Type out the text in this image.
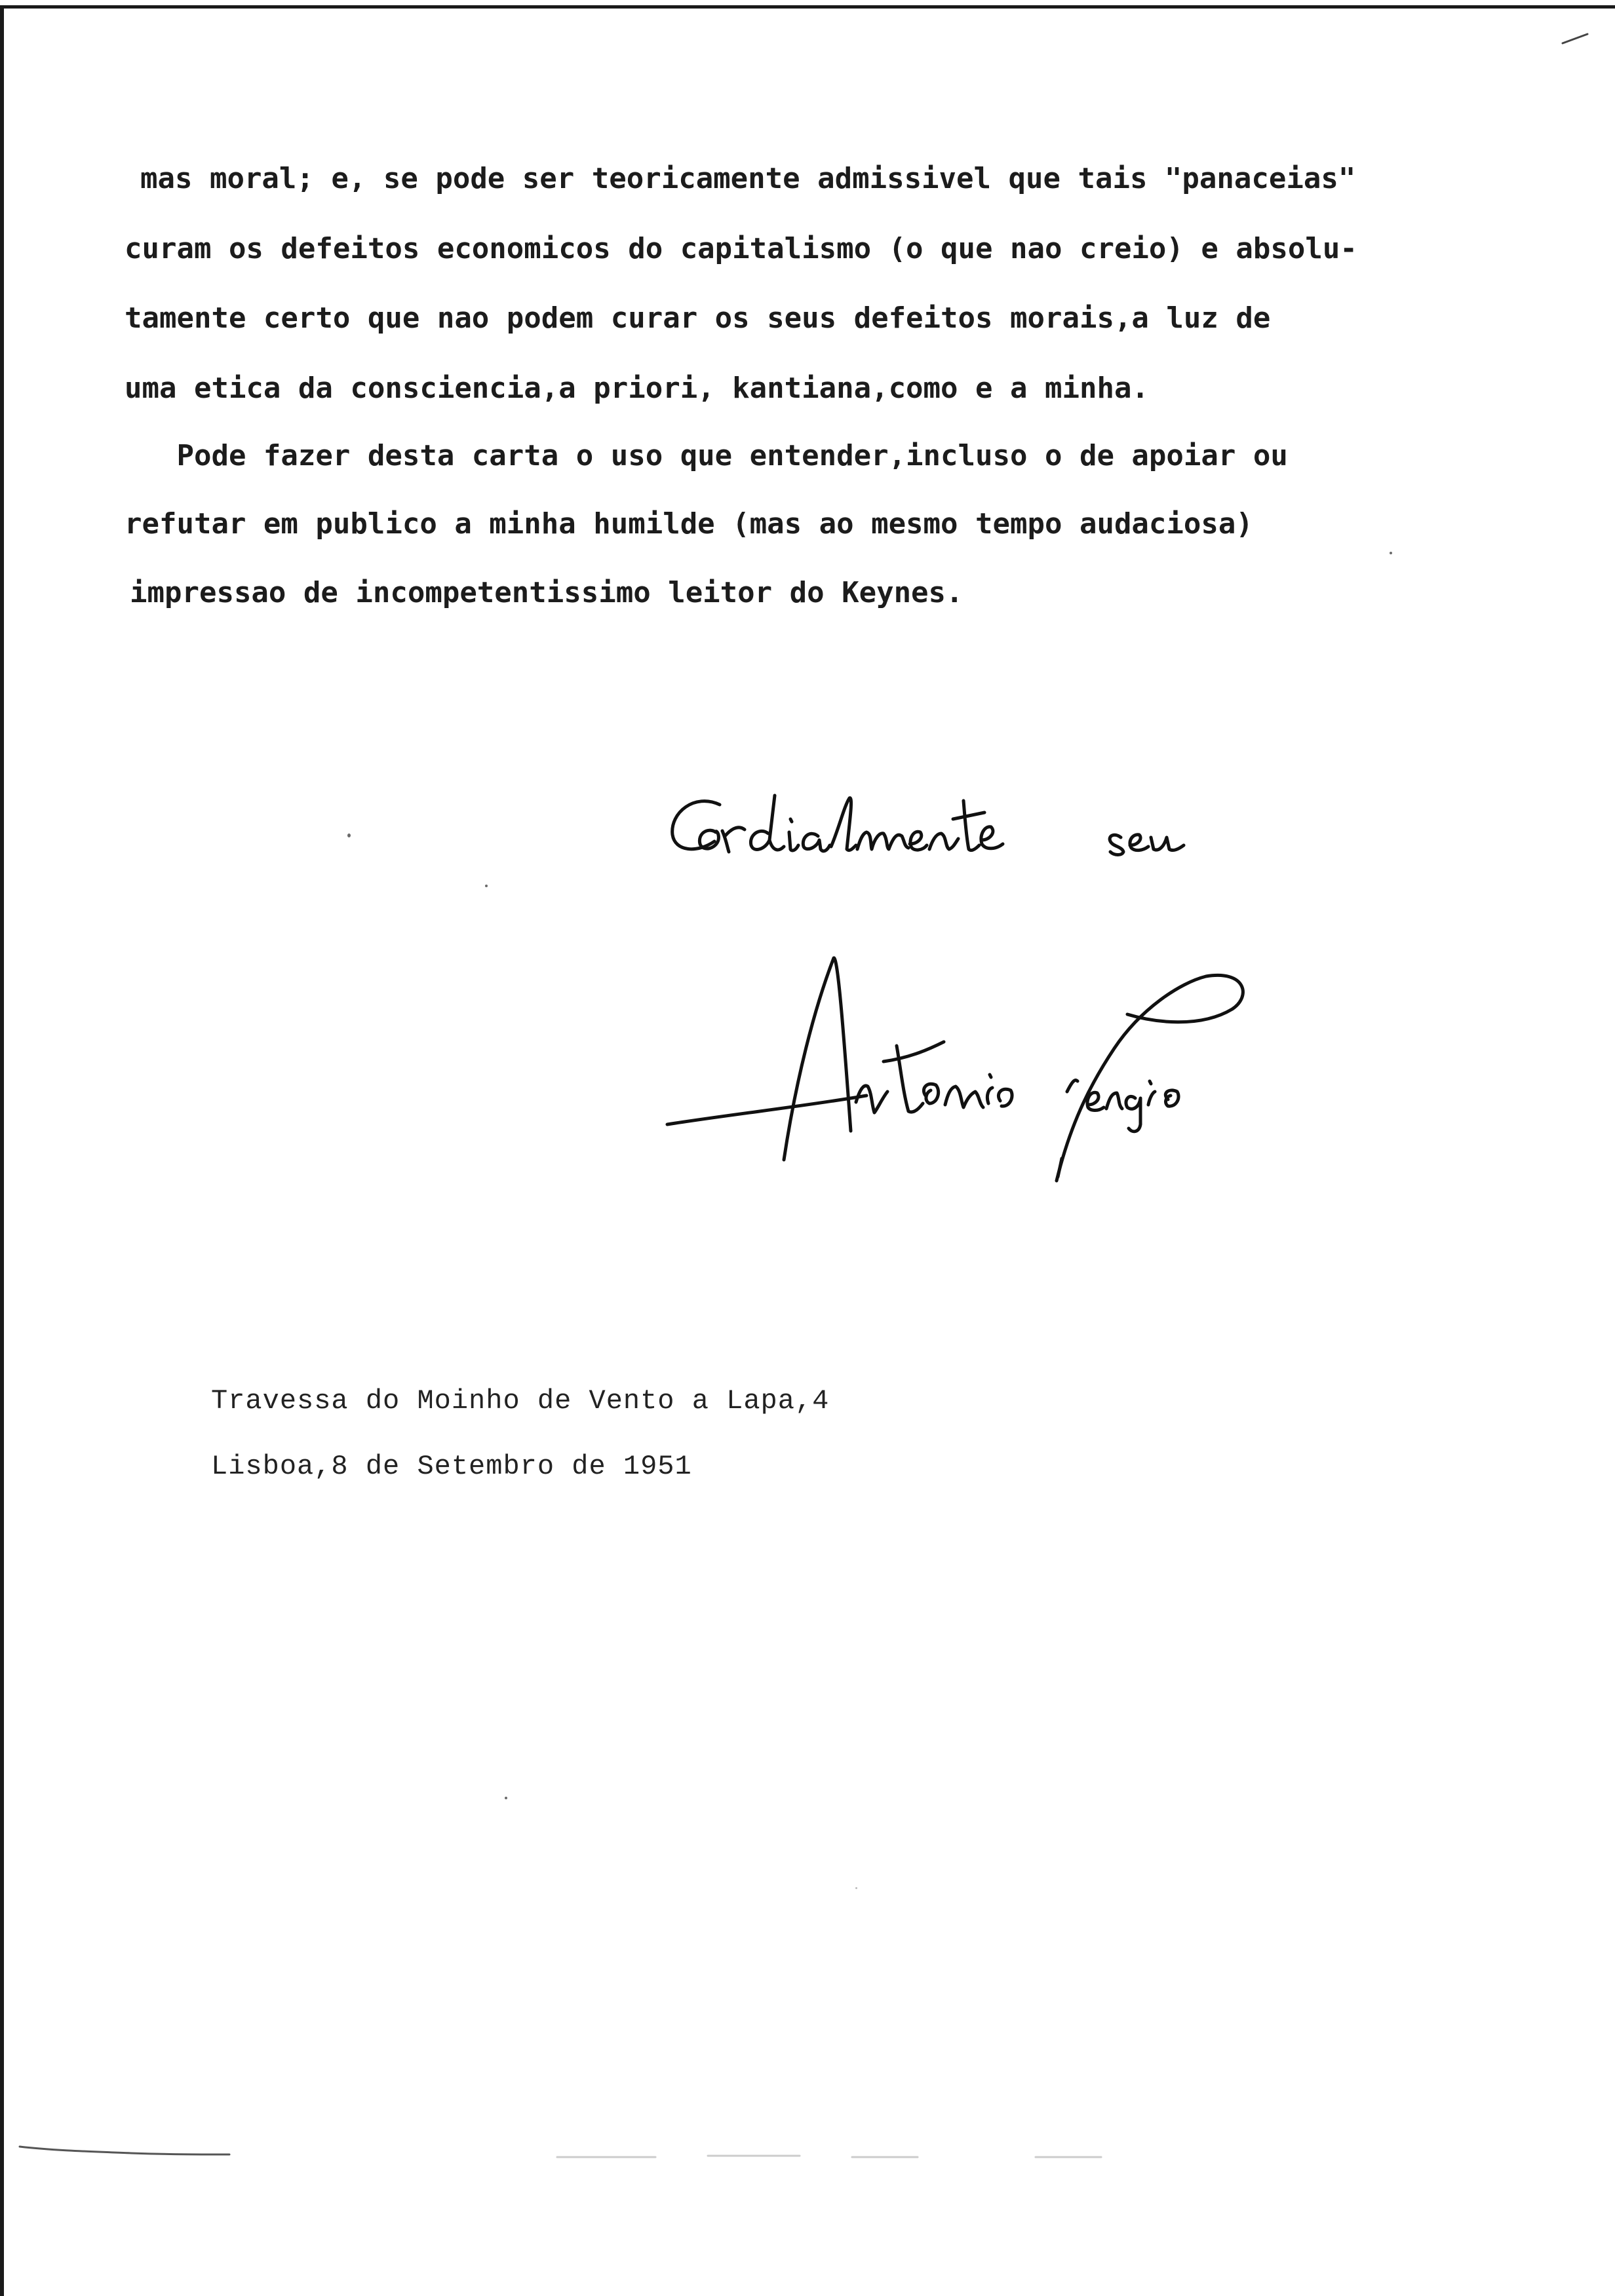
mas moral; e, se pode ser teoricamente admissivel que tais "panaceias"

curam os defeitos economicos do capitalismo (o que nao creio) e absolu-

tamente certo que nao podem curar os seus defeitos morais,a luz de

uma etica da consciencia,a priori, kantiana,como e a minha.

Pode fazer desta carta o uso que entender,incluso o de apoiar ou

refutar em publico a minha humilde (mas ao mesmo tempo audaciosa)

impressao de incompetentissimo leitor do Keynes.

Travessa do Moinho de Vento a Lapa,4

Lisboa,8 de Setembro de 1951
